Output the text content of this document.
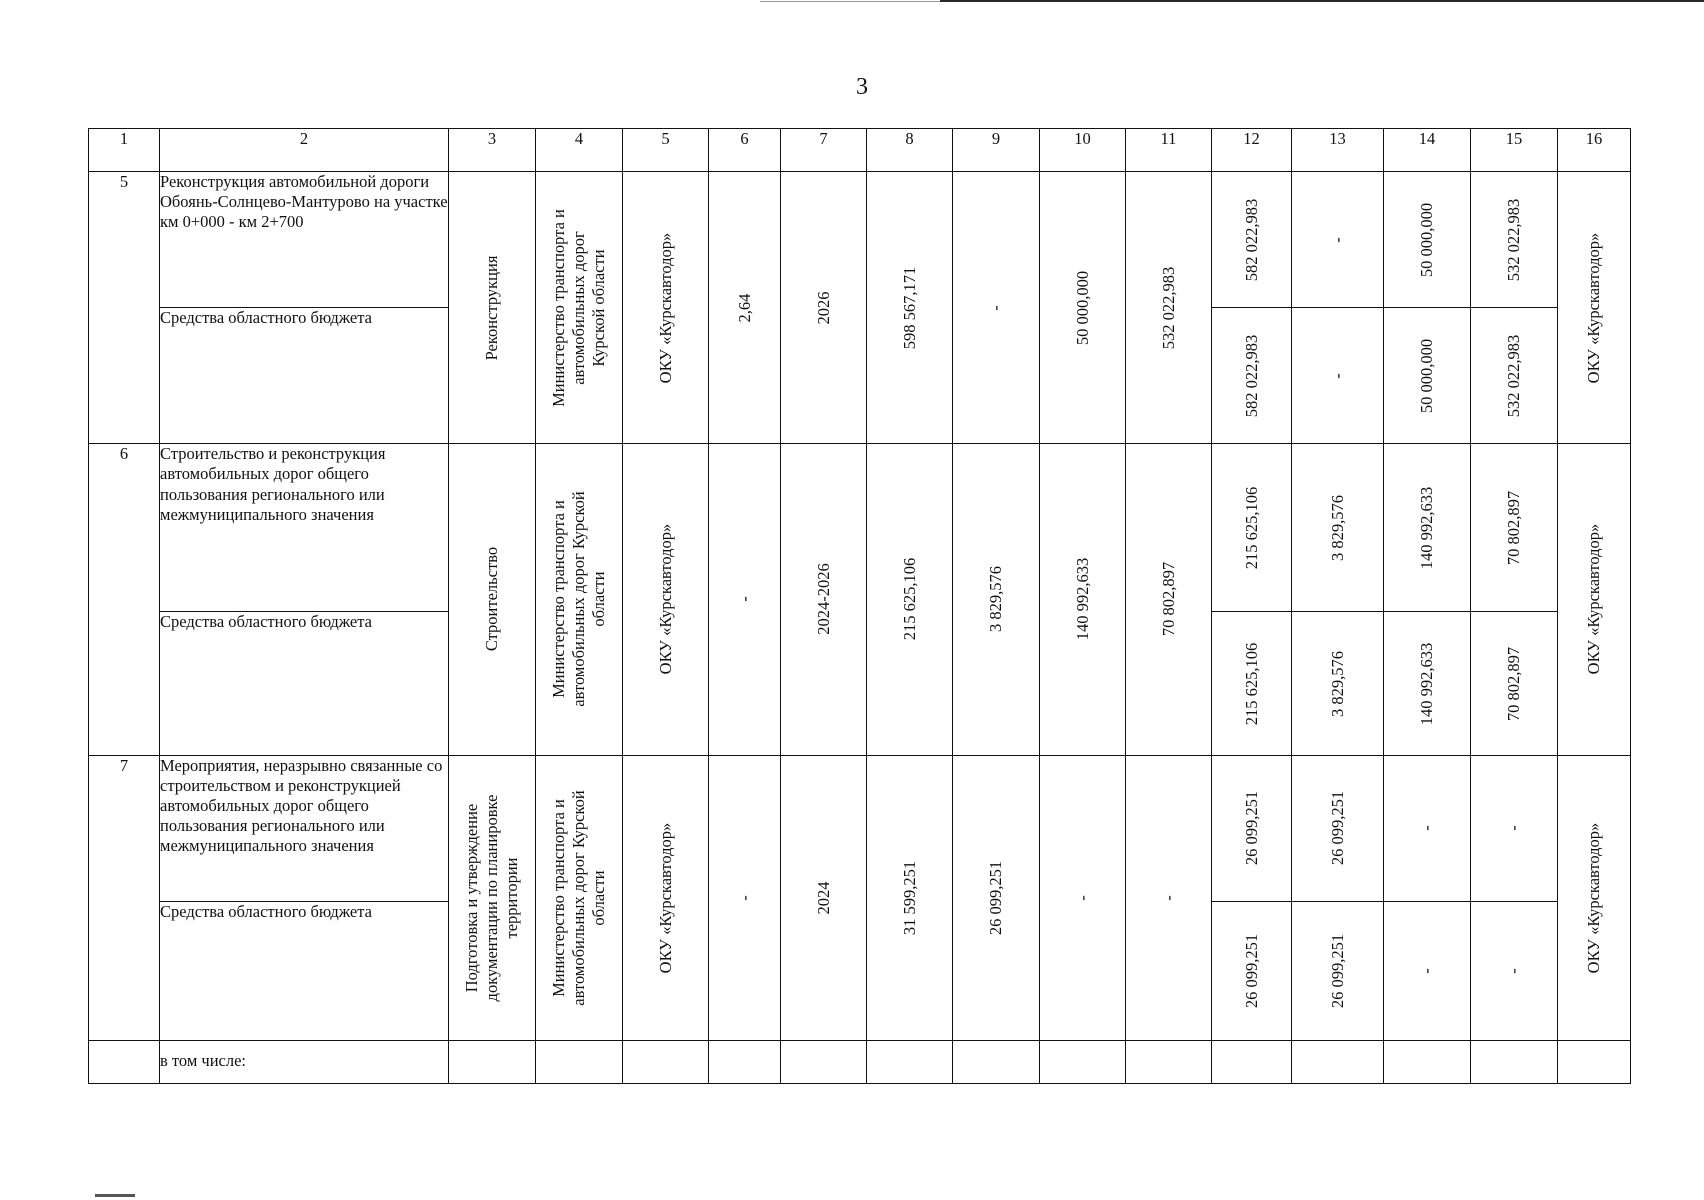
3
1	2	3	4	5	6	7	8	9	10	11	12	13	14	15	16
5	Реконструкция автомобильной дороги Обоянь-Солнцево-Мантурово на участке км 0+000 - км 2+700	Реконструкция	Министерство транспорта и автомобильных дорог Курской области	ОКУ «Курскавтодор»	2,64	2026	598 567,171	-	50 000,000	532 022,983	582 022,983	-	50 000,000	532 022,983	ОКУ «Курскавтодор»

	Средства областного бюджета										582 022,983	-	50 000,000	532 022,983	

6	Строительство и реконструкция автомобильных дорог общего пользования регионального или межмуниципального значения	Строительство	Министерство транспорта и автомобильных дорог Курской области	ОКУ «Курскавтодор»	-	2024-2026	215 625,106	3 829,576	140 992,633	70 802,897	215 625,106	3 829,576	140 992,633	70 802,897	ОКУ «Курскавтодор»

	Средства областного бюджета										215 625,106	3 829,576	140 992,633	70 802,897	

7	Мероприятия, неразрывно связанные со строительством и реконструкцией автомобильных дорог общего пользования регионального или межмуниципального значения	Подготовка и утверждение документации по планировке территории	Министерство транспорта и автомобильных дорог Курской области	ОКУ «Курскавтодор»	-	2024	31 599,251	26 099,251	-	-	26 099,251	26 099,251	-	-	ОКУ «Курскавтодор»

	Средства областного бюджета										26 099,251	26 099,251	-	-	

	в том числе:														
